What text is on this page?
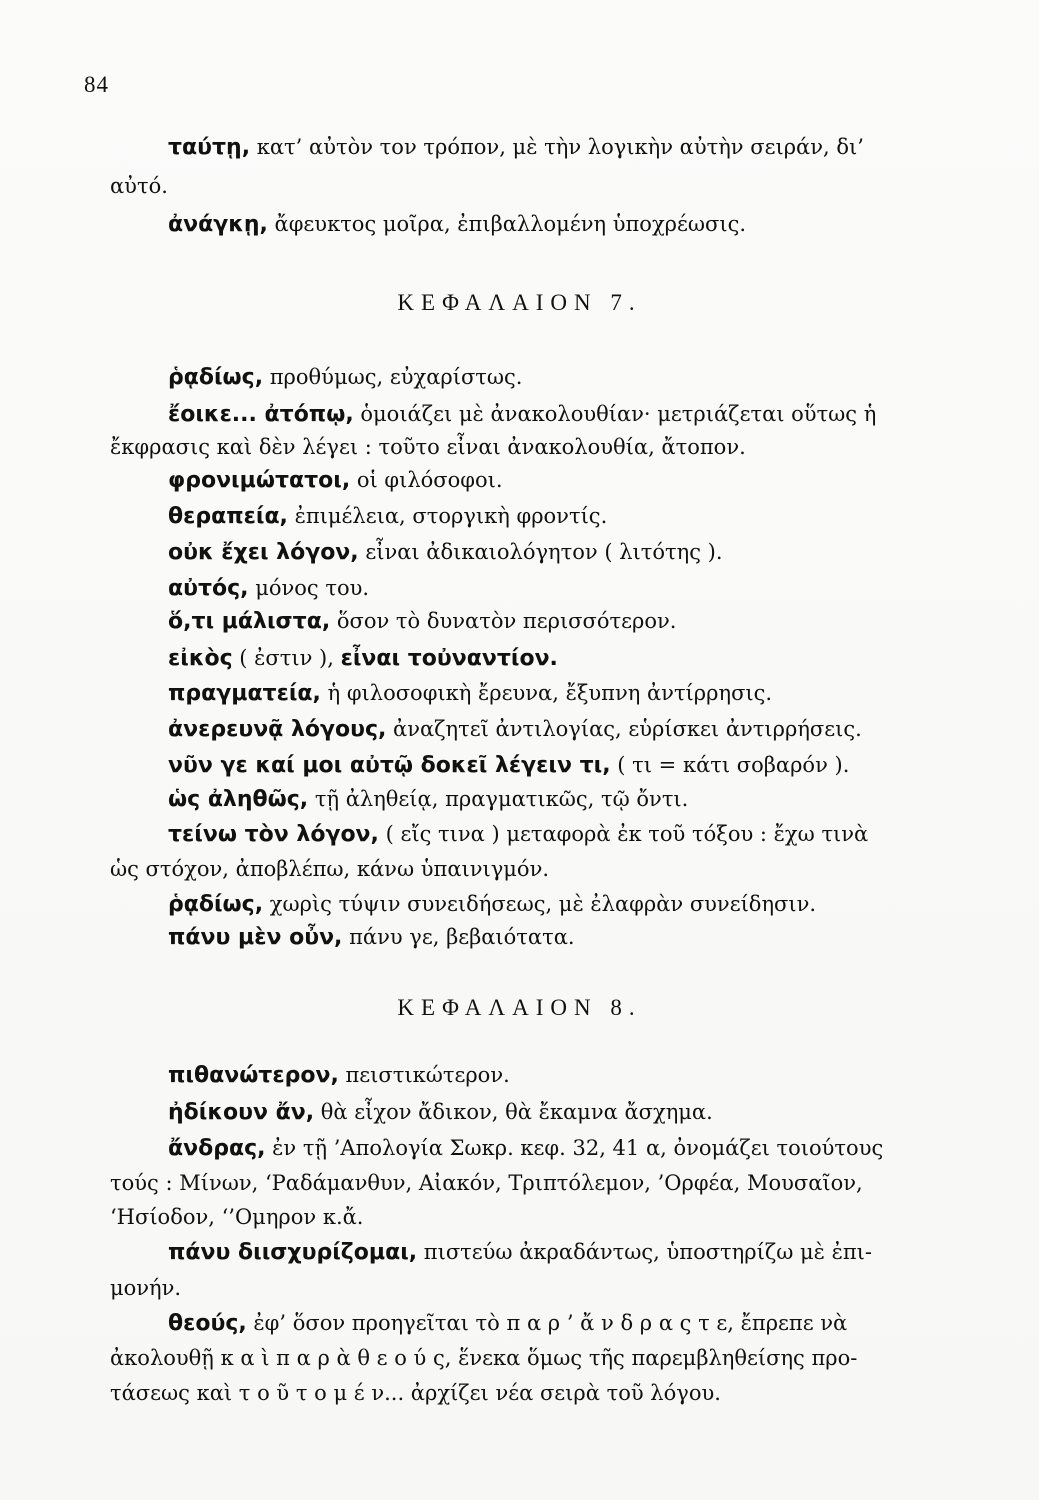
84
ταύτῃ, κατ’ αὐτὸν τον τρόπον, μὲ τὴν λογικὴν αὐτὴν σειράν, δι’
αὐτό.
ἀνάγκῃ, ἄφευκτος μοῖρα, ἐπιβαλλομένη ὑποχρέωσις.
ΚΕΦΑΛΑΙΟΝ 7.
ῥᾳδίως, προθύμως, εὐχαρίστως.
ἔοικε... ἀτόπῳ, ὁμοιάζει μὲ ἀνακολουθίαν· μετριάζεται οὕτως ἡ
ἔκφρασις καὶ δὲν λέγει : τοῦτο εἶναι ἀνακολουθία, ἄτοπον.
φρονιμώτατοι, οἱ φιλόσοφοι.
θεραπεία, ἐπιμέλεια, στοργικὴ φροντίς.
οὐκ ἔχει λόγον, εἶναι ἀδικαιολόγητον ( λιτότης ).
αὐτός, μόνος του.
ὅ,τι μάλιστα, ὅσον τὸ δυνατὸν περισσότερον.
εἰκὸς ( ἐστιν ), εἶναι τοὐναντίον.
πραγματεία, ἡ φιλοσοφικὴ ἔρευνα, ἔξυπνη ἀντίρρησις.
ἀνερευνᾷ λόγους, ἀναζητεῖ ἀντιλογίας, εὑρίσκει ἀντιρρήσεις.
νῦν γε καί μοι αὐτῷ δοκεῖ λέγειν τι, ( τι = κάτι σοβαρόν ).
ὡς ἀληθῶς, τῇ ἀληθείᾳ, πραγματικῶς, τῷ ὄντι.
τείνω τὸν λόγον, ( εἴς τινα ) μεταφορὰ ἐκ τοῦ τόξου : ἔχω τινὰ
ὡς στόχον, ἀποβλέπω, κάνω ὑπαινιγμόν.
ῥᾳδίως, χωρὶς τύψιν συνειδήσεως, μὲ ἐλαφρὰν συνείδησιν.
πάνυ μὲν οὖν, πάνυ γε, βεβαιότατα.
ΚΕΦΑΛΑΙΟΝ 8.
πιθανώτερον, πειστικώτερον.
ἠδίκουν ἄν, θὰ εἶχον ἄδικον, θὰ ἔκαμνα ἄσχημα.
ἄνδρας, ἐν τῇ ’Απολογία Σωκρ. κεφ. 32, 41 α, ὀνομάζει τοιούτους
τούς : Μίνων, ‘Ραδάμανθυν, Αἰακόν, Τριπτόλεμον, ’Ορφέα, Μουσαῖον,
‘Ησίοδον, ‘’Ομηρον κ.ἄ.
πάνυ διισχυρίζομαι, πιστεύω ἀκραδάντως, ὑποστηρίζω μὲ ἐπι-
μονήν.
θεούς, ἐφ’ ὅσον προηγεῖται τὸ π α ρ ’ ἄ ν δ ρ α ς τ ε, ἔπρεπε νὰ
ἀκολουθῇ κ α ὶ π α ρ ὰ θ ε ο ύ ς, ἕνεκα ὅμως τῆς παρεμβληθείσης προ-
τάσεως καὶ τ ο ῦ τ ο μ έ ν... ἀρχίζει νέα σειρὰ τοῦ λόγου.
